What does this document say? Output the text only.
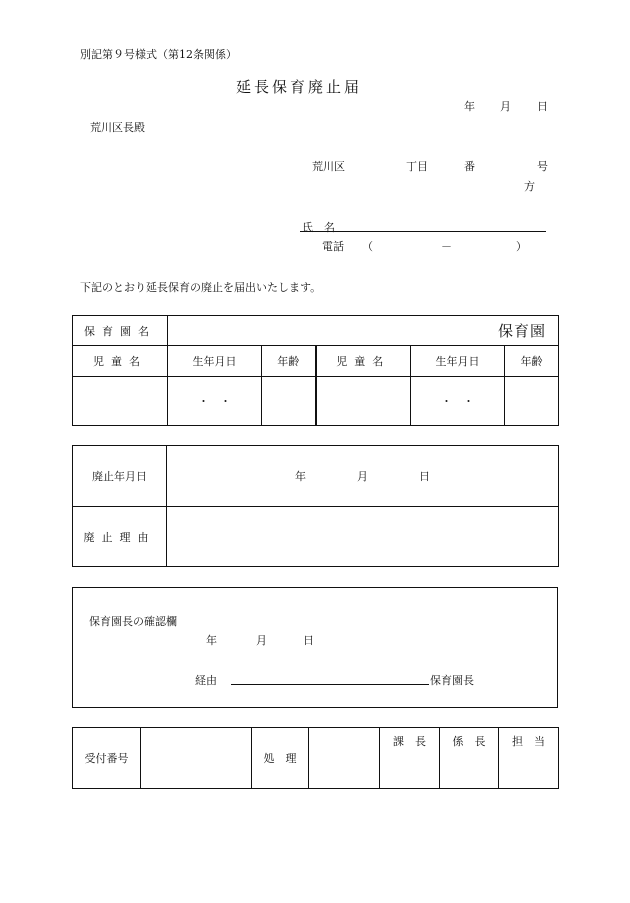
別記第９号様式（第12条関係）
延長保育廃止届
年 月 日
荒川区長殿
荒川区	丁目	番	号
方
氏　名
電話 （	－	）
下記のとおり延長保育の廃止を届出いたします。
保育園名	保育園				
児童名	生年月日	年齢	児童名	生年月日	年齢
	・　・			・　・	
廃止年月日	年 月 日
廃止理由	
保育園長の確認欄
年	月	日
経由	保育園長
受付番号		処　理		課　長	係　長	担　当
